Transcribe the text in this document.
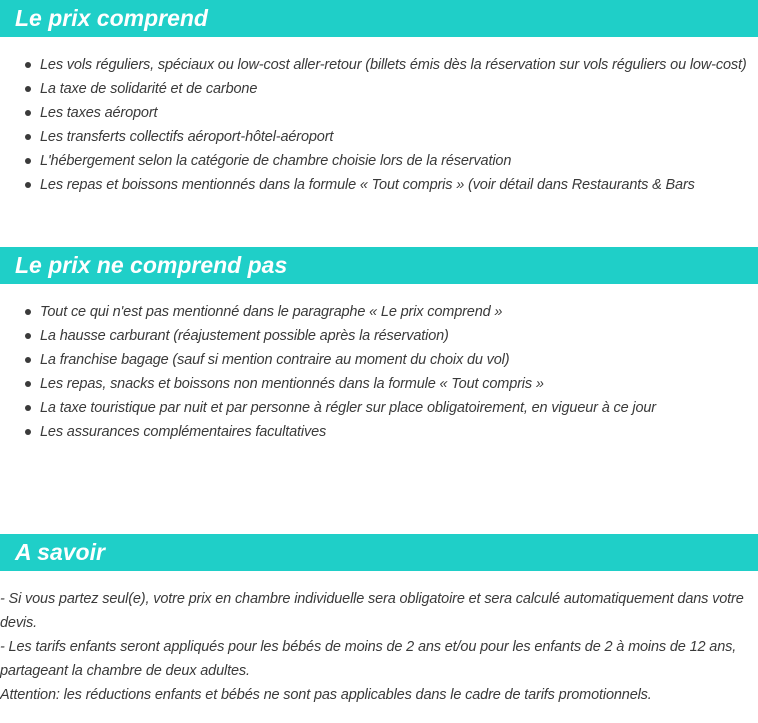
Le prix comprend
Les vols réguliers, spéciaux ou low-cost aller-retour (billets émis dès la réservation sur vols réguliers ou low-cost)
La taxe de solidarité et de carbone
Les taxes aéroport
Les transferts collectifs aéroport-hôtel-aéroport
L'hébergement selon la catégorie de chambre choisie lors de la réservation
Les repas et boissons mentionnés dans la formule « Tout compris » (voir détail dans Restaurants & Bars
Le prix ne comprend pas
Tout ce qui n'est pas mentionné dans le paragraphe « Le prix comprend »
La hausse carburant (réajustement possible après la réservation)
La franchise bagage (sauf si mention contraire au moment du choix du vol)
Les repas, snacks et boissons non mentionnés dans la formule « Tout compris »
La taxe touristique par nuit et par personne à régler sur place obligatoirement, en vigueur à ce jour
Les assurances complémentaires facultatives
A savoir
- Si vous partez seul(e), votre prix en chambre individuelle sera obligatoire et sera calculé automatiquement dans votre
devis.
- Les tarifs enfants seront appliqués pour les bébés de moins de 2 ans et/ou pour les enfants de 2 à moins de 12 ans,
partageant la chambre de deux adultes.
Attention: les réductions enfants et bébés ne sont pas applicables dans le cadre de tarifs promotionnels.
